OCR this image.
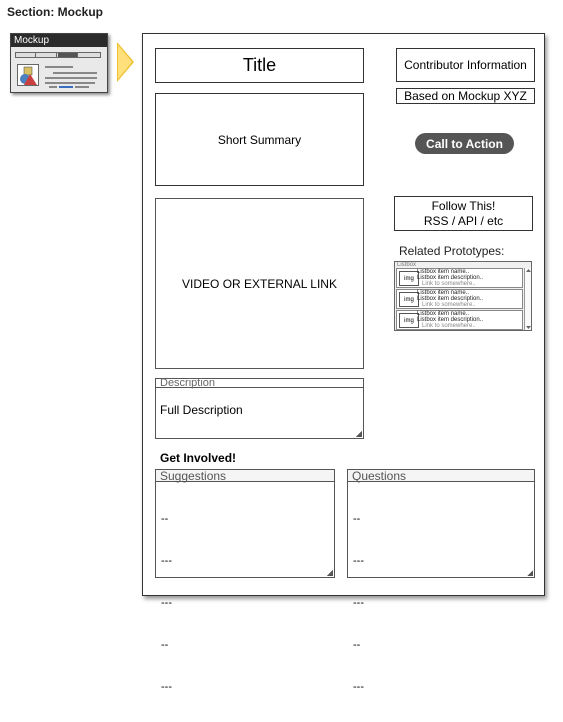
Section: Mockup
Mockup
Title
Short Summary
VIDEO OR EXTERNAL LINK
Contributor Information
Based on Mockup XYZ
Call to Action
Follow This!
RSS / API / etc
Related Prototypes:
Listbox
img
Listbox item name..
Listbox item description..
Link to somewhere..
img
Listbox item name..
Listbox item description..
Link to somewhere..
img
Listbox item name..
Listbox item description..
Link to somewhere..
Description
Full Description
Get Involved!
Suggestions

--

---

---

--

---

Questions

--

---

---

--

---
